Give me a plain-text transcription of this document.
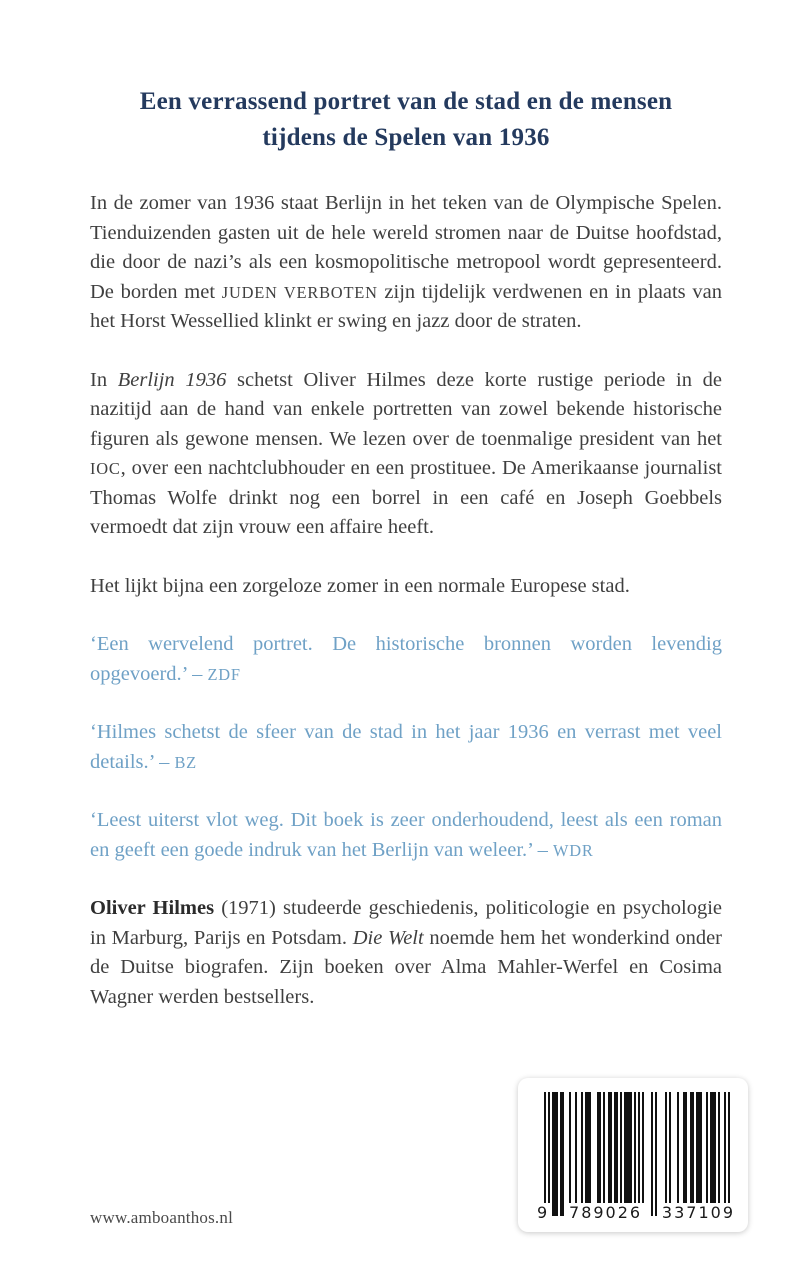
Een verrassend portret van de stad en de mensen
tijdens de Spelen van 1936

In de zomer van 1936 staat Berlijn in het teken van de Olympische Spelen. Tienduizenden gasten uit de hele wereld stromen naar de Duitse hoofdstad, die door de nazi’s als een kosmopolitische metropool wordt gepresenteerd. De borden met JUDEN VERBOTEN zijn tijdelijk verdwenen en in plaats van het Horst Wessellied klinkt er swing en jazz door de straten.

In Berlijn 1936 schetst Oliver Hilmes deze korte rustige periode in de nazitijd aan de hand van enkele portretten van zowel bekende historische figuren als gewone mensen. We lezen over de toenmalige president van het IOC, over een nachtclubhouder en een prostituee. De Amerikaanse journalist Thomas Wolfe drinkt nog een borrel in een café en Joseph Goebbels vermoedt dat zijn vrouw een affaire heeft.

Het lijkt bijna een zorgeloze zomer in een normale Europese stad.

‘Een wervelend portret. De historische bronnen worden levendig opgevoerd.’ – ZDF

‘Hilmes schetst de sfeer van de stad in het jaar 1936 en verrast met veel details.’ – BZ

‘Leest uiterst vlot weg. Dit boek is zeer onderhoudend, leest als een roman en geeft een goede indruk van het Berlijn van weleer.’ – WDR

Oliver Hilmes (1971) studeerde geschiedenis, politicologie en psychologie in Marburg, Parijs en Potsdam. Die Welt noemde hem het wonderkind onder de Duitse biografen. Zijn boeken over Alma Mahler-Werfel en Cosima Wagner werden bestsellers.

www.amboanthos.nl	9 789026 337109
